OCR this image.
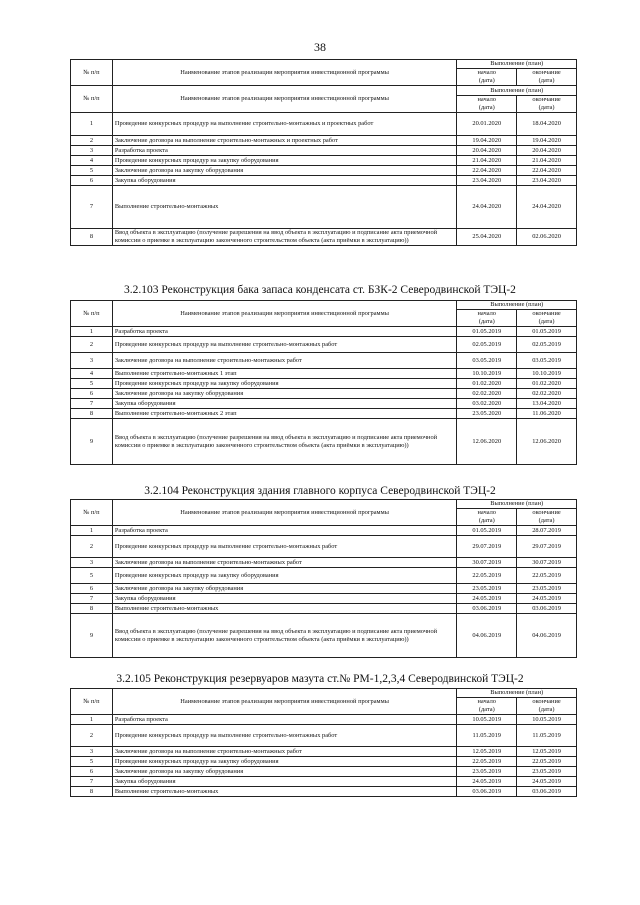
38
№ п/п	Наименование этапов реализации мероприятия инвестиционной программы	Выполнение (план)	

		начало
(дата)	окончание
(дата)

№ п/п	Наименование этапов реализации мероприятия инвестиционной программы	Выполнение (план)	

		начало
(дата)	окончание
(дата)

1	Проведение конкурсных процедур на выполнение строительно-монтажных и проектных работ	20.01.2020	18.04.2020
2	Заключение договора на выполнение строительно-монтажных и проектных работ	19.04.2020	19.04.2020
3	Разработка проекта	20.04.2020	20.04.2020
4	Проведение конкурсных процедур на закупку оборудования	21.04.2020	21.04.2020
5	Заключение договора на закупку оборудования	22.04.2020	22.04.2020
6	Закупка оборудования	23.04.2020	23.04.2020
7	Выполнение строительно-монтажных	24.04.2020	24.04.2020
8	Ввод объекта в эксплуатацию (получение разрешения на ввод объекта в эксплуатацию и подписание акта приемочной комиссии о приемке в эксплуатацию законченного строительством объекта (акта приёмки в эксплуатацию))	25.04.2020	02.06.2020
3.2.103 Реконструкция бака запаса конденсата ст. БЗК-2 Северодвинской ТЭЦ-2
№ п/п	Наименование этапов реализации мероприятия инвестиционной программы	Выполнение (план)	

		начало
(дата)	окончание
(дата)

1	Разработка проекта	01.05.2019	01.05.2019
2	Проведение конкурсных процедур на выполнение строительно-монтажных работ	02.05.2019	02.05.2019
3	Заключение договора на выполнение строительно-монтажных работ	03.05.2019	03.05.2019
4	Выполнение строительно-монтажных 1 этап	10.10.2019	10.10.2019
5	Проведение конкурсных процедур на закупку оборудования	01.02.2020	01.02.2020
6	Заключение договора на закупку оборудования	02.02.2020	02.02.2020
7	Закупка оборудования	03.02.2020	13.04.2020
8	Выполнение строительно-монтажных 2 этап	23.05.2020	11.06.2020
9	Ввод объекта в эксплуатацию (получение разрешения на ввод объекта в эксплуатацию и подписание акта приемочной комиссии о приемке в эксплуатацию законченного строительством объекта (акта приёмки в эксплуатацию))	12.06.2020	12.06.2020
3.2.104 Реконструкция здания главного корпуса Северодвинской ТЭЦ-2
№ п/п	Наименование этапов реализации мероприятия инвестиционной программы	Выполнение (план)	

		начало
(дата)	окончание
(дата)

1	Разработка проекта	01.05.2019	28.07.2019
2	Проведение конкурсных процедур на выполнение строительно-монтажных работ	29.07.2019	29.07.2019
3	Заключение договора на выполнение строительно-монтажных работ	30.07.2019	30.07.2019
5	Проведение конкурсных процедур на закупку оборудования	22.05.2019	22.05.2019
6	Заключение договора на закупку оборудования	23.05.2019	23.05.2019
7	Закупка оборудования	24.05.2019	24.05.2019
8	Выполнение строительно-монтажных	03.06.2019	03.06.2019
9	Ввод объекта в эксплуатацию (получение разрешения на ввод объекта в эксплуатацию и подписание акта приемочной комиссии о приемке в эксплуатацию законченного строительством объекта (акта приёмки в эксплуатацию))	04.06.2019	04.06.2019
3.2.105 Реконструкция резервуаров мазута ст.№ РМ-1,2,3,4 Северодвинской ТЭЦ-2
№ п/п	Наименование этапов реализации мероприятия инвестиционной программы	Выполнение (план)	

		начало
(дата)	окончание
(дата)

1	Разработка проекта	10.05.2019	10.05.2019
2	Проведение конкурсных процедур на выполнение строительно-монтажных работ	11.05.2019	11.05.2019
3	Заключение договора на выполнение строительно-монтажных работ	12.05.2019	12.05.2019
5	Проведение конкурсных процедур на закупку оборудования	22.05.2019	22.05.2019
6	Заключение договора на закупку оборудования	23.05.2019	23.05.2019
7	Закупка оборудования	24.05.2019	24.05.2019
8	Выполнение строительно-монтажных	03.06.2019	03.06.2019
